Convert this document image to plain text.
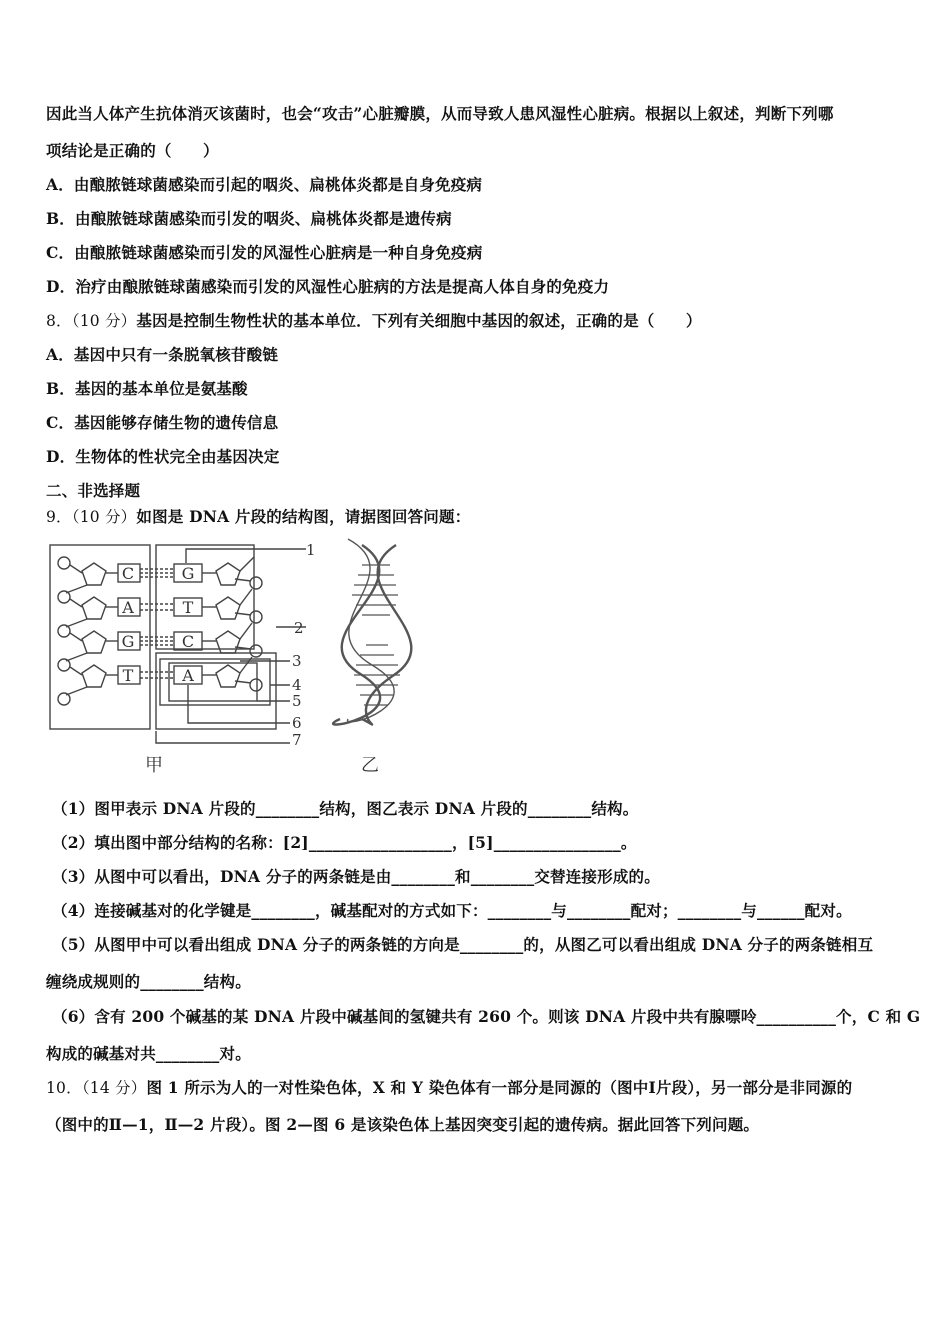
因此当人体产生抗体消灭该菌时，也会“攻击”心脏瓣膜，从而导致人患风湿性心脏病。根据以上叙述，判断下列哪
项结论是正确的（　　）
A．由酿脓链球菌感染而引起的咽炎、扁桃体炎都是自身免疫病
B．由酿脓链球菌感染而引发的咽炎、扁桃体炎都是遗传病
C．由酿脓链球菌感染而引发的风湿性心脏病是一种自身免疫病
D．治疗由酿脓链球菌感染而引发的风湿性心脏病的方法是提高人体自身的免疫力
8．（10 分）基因是控制生物性状的基本单位．下列有关细胞中基因的叙述，正确的是（　　）
A．基因中只有一条脱氧核苷酸链
B．基因的基本单位是氨基酸
C．基因能够存储生物的遗传信息
D．生物体的性状完全由基因决定
二、非选择题
9．（10 分）如图是 DNA 片段的结构图，请据图回答问题：
C
A
G
T
G
T
C
A
1
2
3
4
5
6
7
甲	乙
（1）图甲表示 DNA 片段的________结构，图乙表示 DNA 片段的________结构。
（2）填出图中部分结构的名称：[2]__________________，[5]________________。
（3）从图中可以看出，DNA 分子的两条链是由________和________交替连接形成的。
（4）连接碱基对的化学键是________，碱基配对的方式如下：________与________配对；________与______配对。
（5）从图甲中可以看出组成 DNA 分子的两条链的方向是________的，从图乙可以看出组成 DNA 分子的两条链相互
缠绕成规则的________结构。
（6）含有 200 个碱基的某 DNA 片段中碱基间的氢键共有 260 个。则该 DNA 片段中共有腺嘌呤__________个，C 和 G
构成的碱基对共________对。
10．（14 分）图 1 所示为人的一对性染色体，X 和 Y 染色体有一部分是同源的（图中Ⅰ片段），另一部分是非同源的
（图中的Ⅱ—1，Ⅱ—2 片段）。图 2—图 6 是该染色体上基因突变引起的遗传病。据此回答下列问题。
